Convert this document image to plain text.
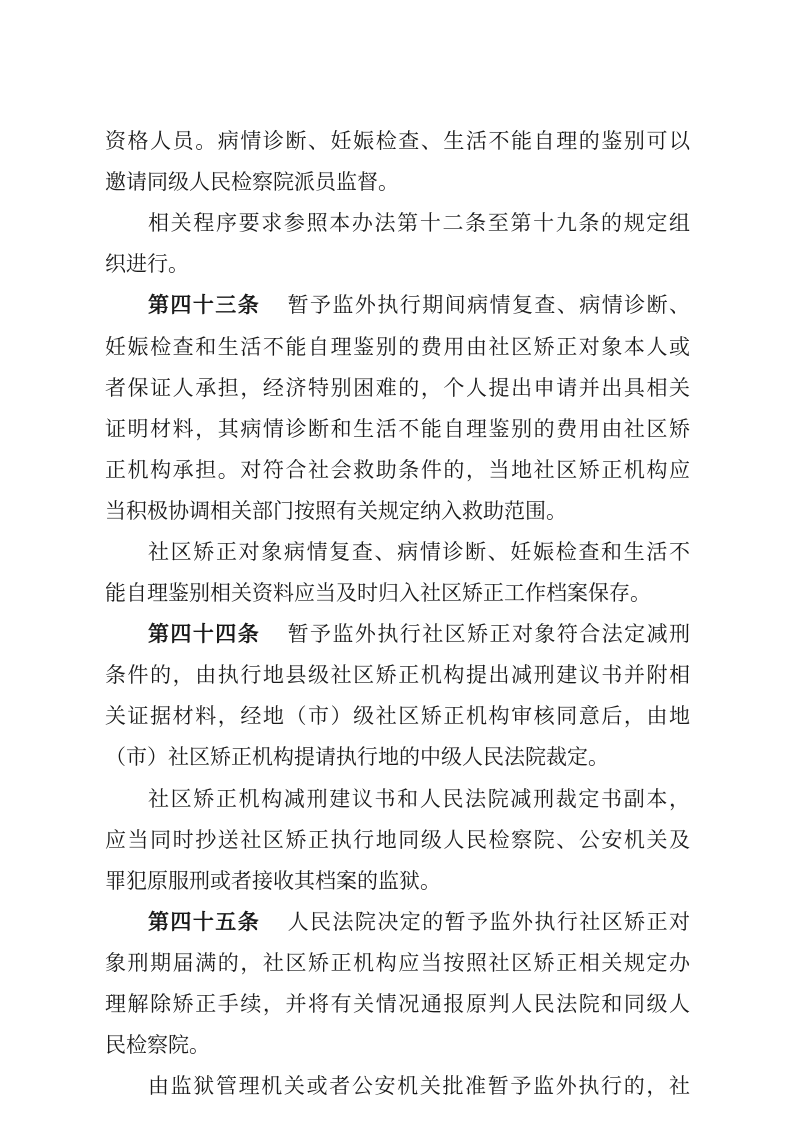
资格人员。病情诊断、妊娠检查、生活不能自理的鉴别可以
邀请同级人民检察院派员监督。
相关程序要求参照本办法第十二条至第十九条的规定组
织进行。
第四十三条 暂予监外执行期间病情复查、病情诊断、
妊娠检查和生活不能自理鉴别的费用由社区矫正对象本人或
者保证人承担，经济特别困难的，个人提出申请并出具相关
证明材料，其病情诊断和生活不能自理鉴别的费用由社区矫
正机构承担。对符合社会救助条件的，当地社区矫正机构应
当积极协调相关部门按照有关规定纳入救助范围。
社区矫正对象病情复查、病情诊断、妊娠检查和生活不
能自理鉴别相关资料应当及时归入社区矫正工作档案保存。
第四十四条 暂予监外执行社区矫正对象符合法定减刑
条件的，由执行地县级社区矫正机构提出减刑建议书并附相
关证据材料，经地（市）级社区矫正机构审核同意后，由地
（市）社区矫正机构提请执行地的中级人民法院裁定。
社区矫正机构减刑建议书和人民法院减刑裁定书副本，
应当同时抄送社区矫正执行地同级人民检察院、公安机关及
罪犯原服刑或者接收其档案的监狱。
第四十五条 人民法院决定的暂予监外执行社区矫正对
象刑期届满的，社区矫正机构应当按照社区矫正相关规定办
理解除矫正手续，并将有关情况通报原判人民法院和同级人
民检察院。
由监狱管理机关或者公安机关批准暂予监外执行的，社
